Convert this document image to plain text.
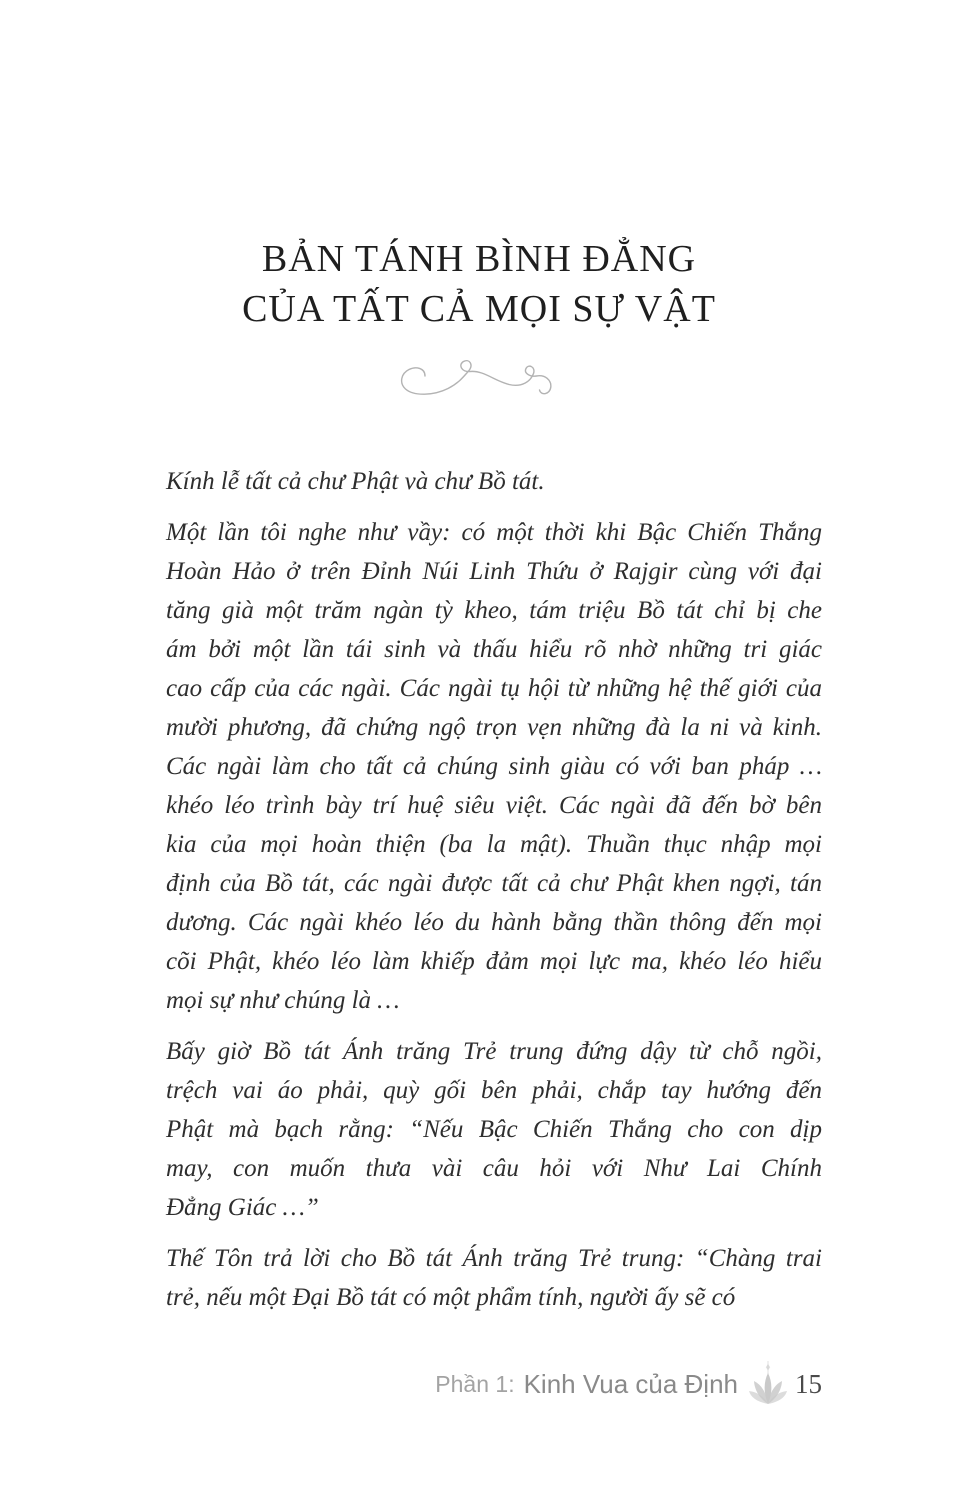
BẢN TÁNH BÌNH ĐẲNG
CỦA TẤT CẢ MỌI SỰ VẬT
Kính lễ tất cả chư Phật và chư Bồ tát.
Một lần tôi nghe như vầy: có một thời khi Bậc Chiến Thắng
Hoàn Hảo ở trên Đỉnh Núi Linh Thứu ở Rajgir cùng với đại
tăng già một trăm ngàn tỳ kheo, tám triệu Bồ tát chỉ bị che
ám bởi một lần tái sinh và thấu hiểu rõ nhờ những tri giác
cao cấp của các ngài. Các ngài tụ hội từ những hệ thế giới của
mười phương, đã chứng ngộ trọn vẹn những đà la ni và kinh.
Các ngài làm cho tất cả chúng sinh giàu có với ban pháp …
khéo léo trình bày trí huệ siêu việt. Các ngài đã đến bờ bên
kia của mọi hoàn thiện (ba la mật). Thuần thục nhập mọi
định của Bồ tát, các ngài được tất cả chư Phật khen ngợi, tán
dương. Các ngài khéo léo du hành bằng thần thông đến mọi
cõi Phật, khéo léo làm khiếp đảm mọi lực ma, khéo léo hiểu
mọi sự như chúng là …
Bấy giờ Bồ tát Ánh trăng Trẻ trung đứng dậy từ chỗ ngồi,
trệch vai áo phải, quỳ gối bên phải, chắp tay hướng đến
Phật mà bạch rằng: “Nếu Bậc Chiến Thắng cho con dịp
may, con muốn thưa vài câu hỏi với Như Lai Chính
Đẳng Giác …”
Thế Tôn trả lời cho Bồ tát Ánh trăng Trẻ trung: “Chàng trai
trẻ, nếu một Đại Bồ tát có một phẩm tính, người ấy sẽ có
Phần 1: Kinh Vua của Định 15
